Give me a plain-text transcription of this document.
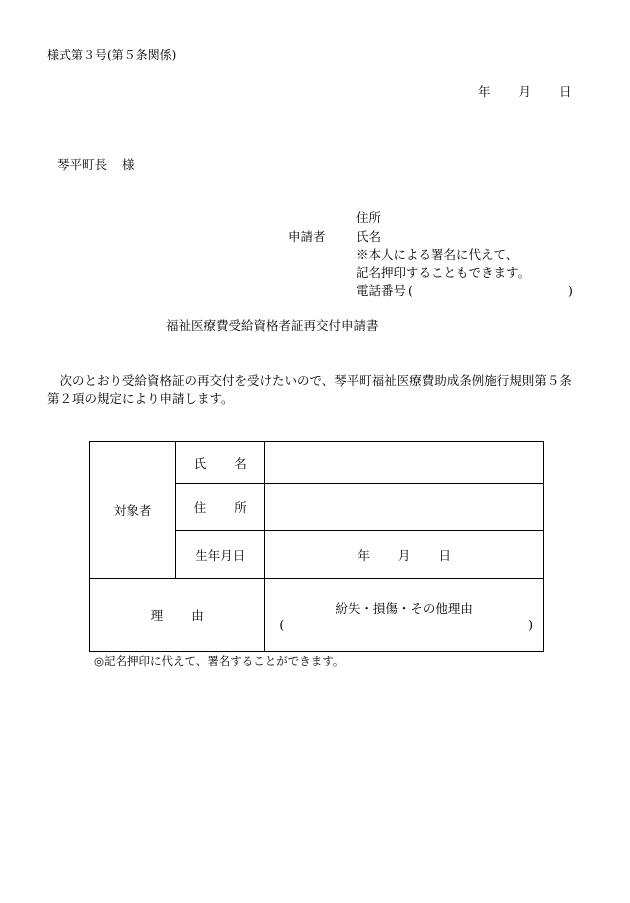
様式第３号(第５条関係)
年 月 日
琴平町長 様
申請者
住所
氏名
※本人による署名に代えて、
記名押印することもできます。
電話番号 (	)
福祉医療費受給資格者証再交付申請書
次のとおり受給資格証の再交付を受けたいので、琴平町福祉医療費助成条例施行規則第５条第２項の規定により申請します。
対象者	氏 名	
	住 所	
	生年月日	年 月 日
理 由		紛失・損傷・その他理由
( )
◎記名押印に代えて、署名することができます。
